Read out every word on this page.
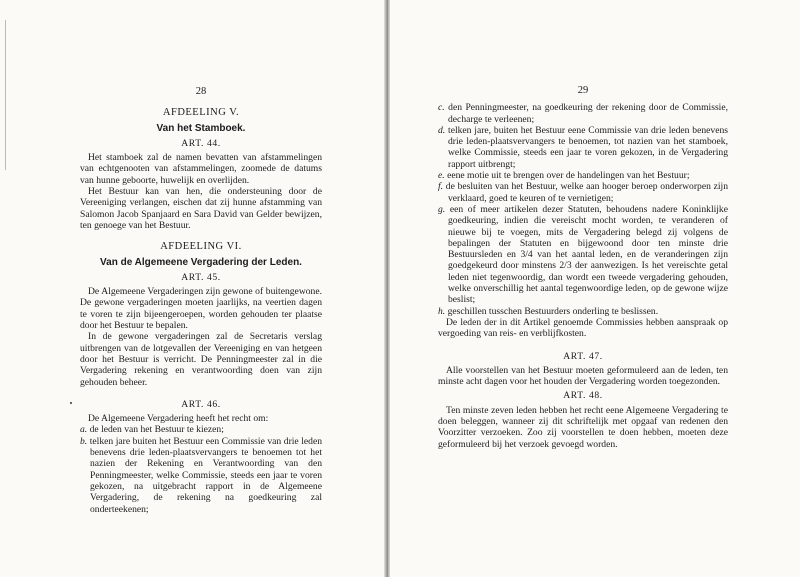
28
AFDEELING V.
Van het Stamboek.
ART. 44.

Het stamboek zal de namen bevatten van afstammelingen van echtgenooten van afstammelingen, zoomede de datums van hunne geboorte, huwelijk en overlijden.

Het Bestuur kan van hen, die ondersteuning door de Vereeniging verlangen, eischen dat zij hunne afstamming van Salomon Jacob Spanjaard en Sara David van Gelder bewijzen, ten genoege van het Bestuur.

AFDEELING VI.
Van de Algemeene Vergadering der Leden.
ART. 45.

De Algemeene Vergaderingen zijn gewone of buitengewone. De gewone vergaderingen moeten jaarlijks, na veertien dagen te voren te zijn bijeengeroepen, worden gehouden ter plaatse door het Bestuur te bepalen.

In de gewone vergaderingen zal de Secretaris verslag uitbrengen van de lotgevallen der Vereeniging en van hetgeen door het Bestuur is verricht. De Penningmeester zal in die Vergadering rekening en verantwoording doen van zijn gehouden beheer.

ART. 46.

De Algemeene Vergadering heeft het recht om:

a. de leden van het Bestuur te kiezen;
b. telken jare buiten het Bestuur een Commissie van drie leden benevens drie leden-plaatsvervangers te benoemen tot het nazien der Rekening en Verantwoording van den Penningmeester, welke Commissie, steeds een jaar te voren gekozen, na uitgebracht rapport in de Algemeene Vergadering, de rekening na goedkeuring zal onderteekenen;
29
c. den Penningmeester, na goedkeuring der rekening door de Commissie, decharge te verleenen;
d. telken jare, buiten het Bestuur eene Commissie van drie leden benevens drie leden-plaatsvervangers te benoemen, tot nazien van het stamboek, welke Commissie, steeds een jaar te voren gekozen, in de Vergadering rapport uitbrengt;
e. eene motie uit te brengen over de handelingen van het Bestuur;
f. de besluiten van het Bestuur, welke aan hooger beroep onderworpen zijn verklaard, goed te keuren of te vernietigen;
g. een of meer artikelen dezer Statuten, behoudens nadere Koninklijke goedkeuring, indien die vereischt mocht worden, te veranderen of nieuwe bij te voegen, mits de Vergadering belegd zij volgens de bepalingen der Statuten en bijgewoond door ten minste drie Bestuursleden en 3/4 van het aantal leden, en de veranderingen zijn goedgekeurd door minstens 2/3 der aanwezigen. Is het vereischte getal leden niet tegenwoordig, dan wordt een tweede vergadering gehouden, welke onverschillig het aantal tegenwoordige leden, op de gewone wijze beslist;
h. geschillen tusschen Bestuurders onderling te beslissen.

De leden der in dit Artikel genoemde Commissies hebben aanspraak op vergoeding van reis- en verblijfkosten.

ART. 47.

Alle voorstellen van het Bestuur moeten geformuleerd aan de leden, ten minste acht dagen voor het houden der Vergadering worden toegezonden.

ART. 48.

Ten minste zeven leden hebben het recht eene Algemeene Vergadering te doen beleggen, wanneer zij dit schriftelijk met opgaaf van redenen den Voorzitter verzoeken. Zoo zij voorstellen te doen hebben, moeten deze geformuleerd bij het verzoek gevoegd worden.
